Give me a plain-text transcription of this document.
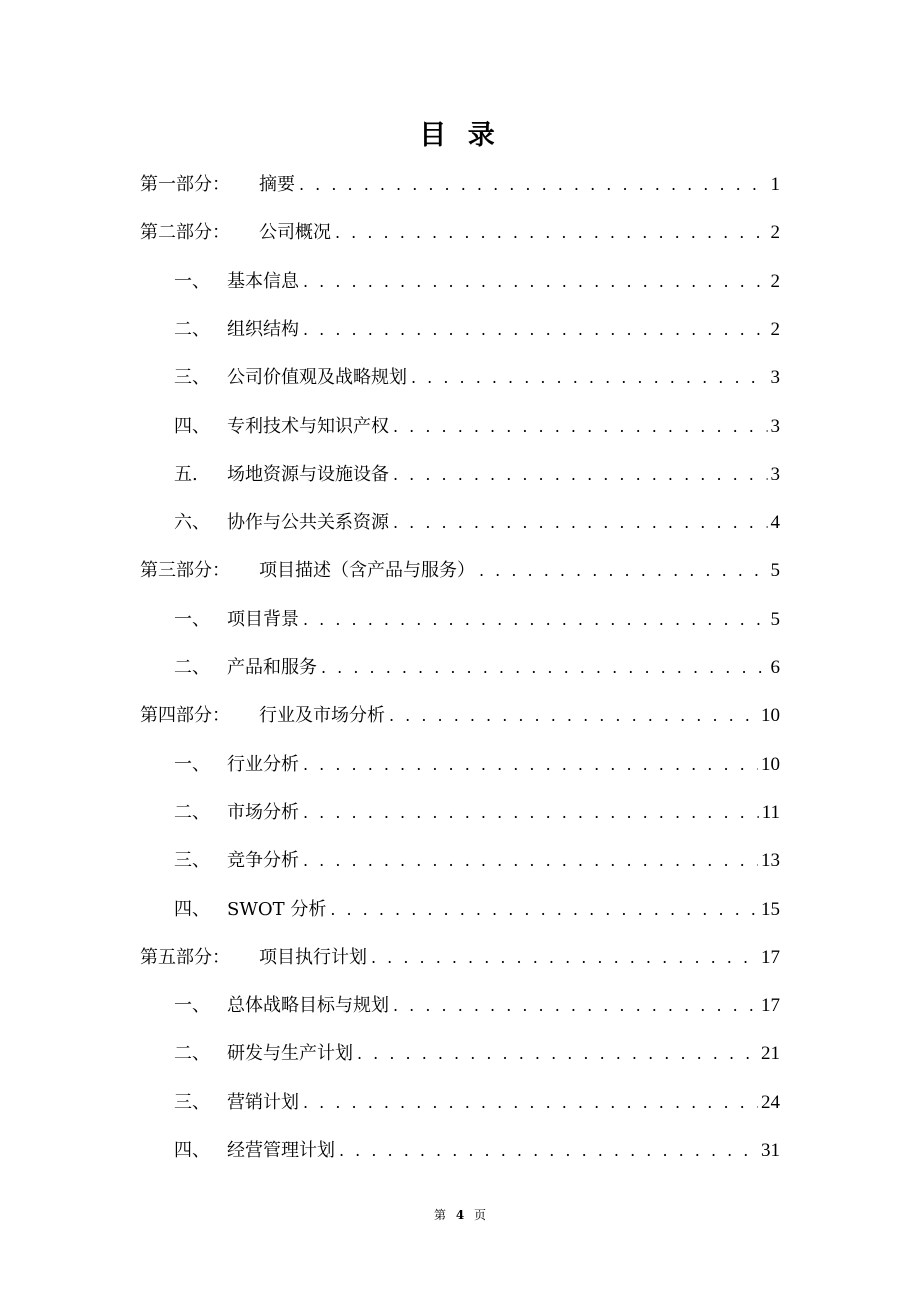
目 录
第一部分：	摘要 . . .	1
第二部分：	公司概况 . . .	2
一、 基本信息 . . .	2
二、 组织结构 . . .	2
三、 公司价值观及战略规划 . . .	3
四、 专利技术与知识产权 . . .	3
五.	场地资源与设施设备 . . .	3
六、 协作与公共关系资源 . . .	4
第三部分：	项目描述（含产品与服务） . . .	5
一、 项目背景 . . .	5
二、 产品和服务 . . .	6
第四部分：	行业及市场分析 . . .	10
一、 行业分析 . . .	10
二、 市场分析 . . .	11
三、 竞争分析 . . .	13
四、 SWOT 分析 . . .	15
第五部分：	项目执行计划 . . .	17
一、 总体战略目标与规划 . . .	17
二、 研发与生产计划 . . .	21
三、 营销计划 . . .	24
四、 经营管理计划 . . .	31
第 4 页
